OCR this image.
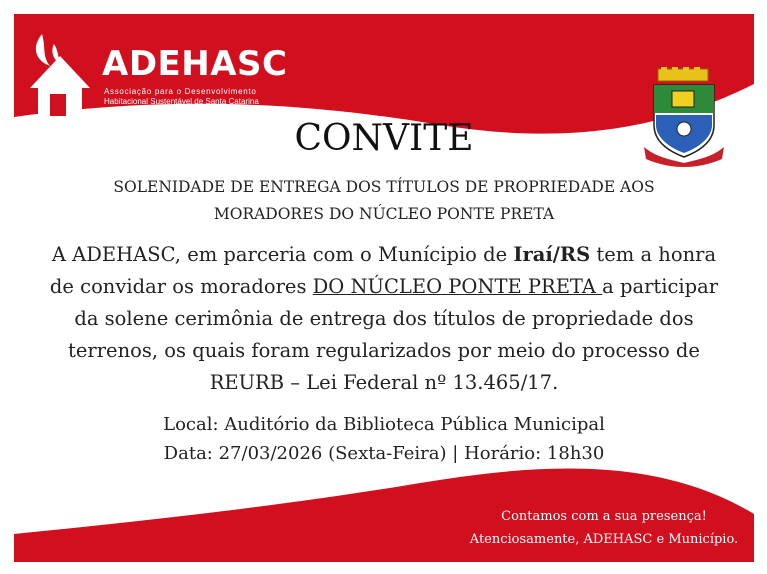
ADEHASC
Associação para o Desenvolvimento
Habitacional Sustentável de Santa Catarina
CONVITE
SOLENIDADE DE ENTREGA DOS TÍTULOS DE PROPRIEDADE AOS
MORADORES DO NÚCLEO PONTE PRETA
A ADEHASC, em parceria com o Munícipio de Iraí/RS tem a honra de convidar os moradores DO NÚCLEO PONTE PRETA a participar da solene cerimônia de entrega dos títulos de propriedade dos terrenos, os quais foram regularizados por meio do processo de REURB – Lei Federal nº 13.465/17.
Local: Auditório da Biblioteca Pública Municipal
Data: 27/03/2026 (Sexta-Feira) | Horário: 18h30
Contamos com a sua presença!
Atenciosamente, ADEHASC e Município.
